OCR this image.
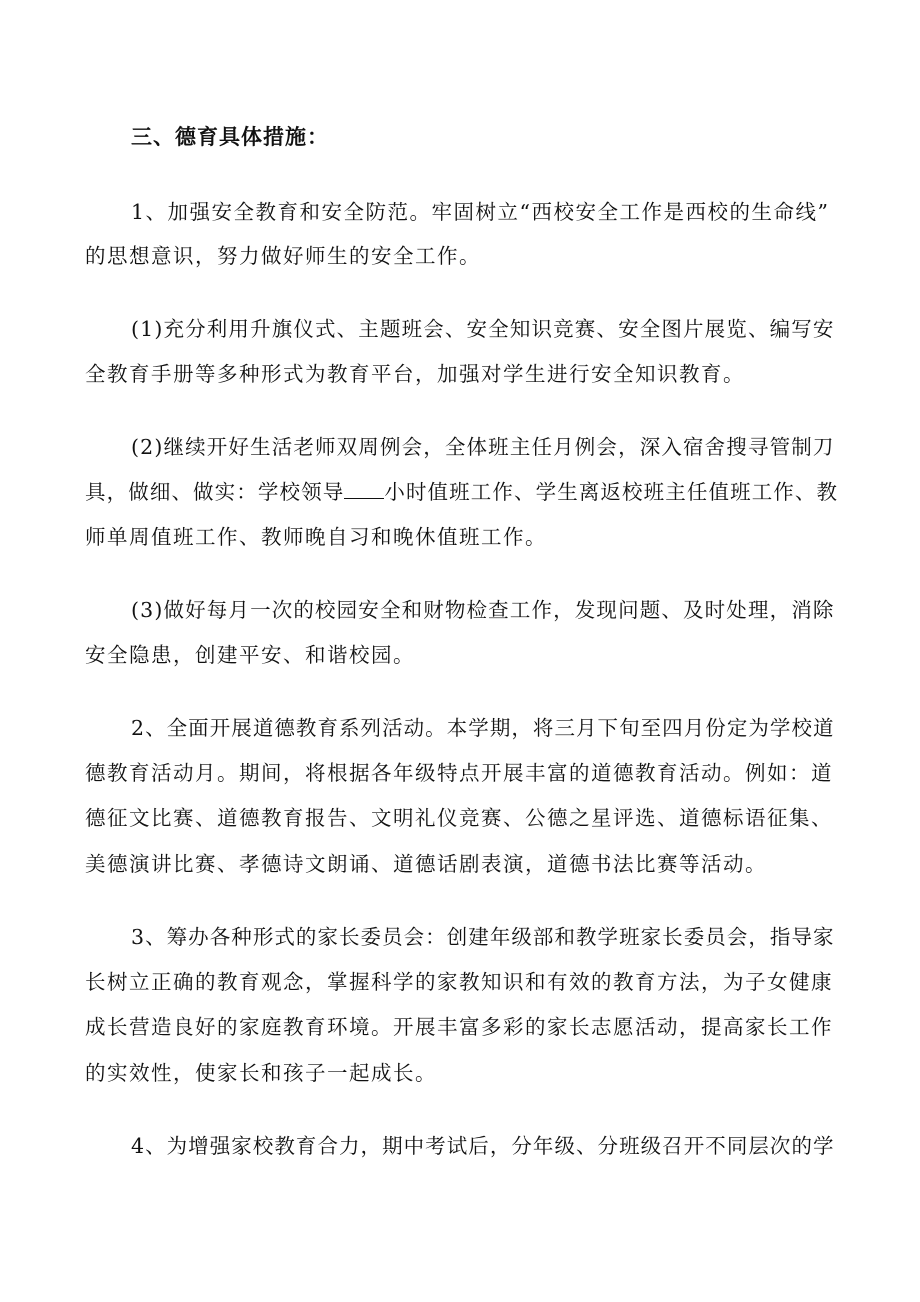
三、德育具体措施：
1、加强安全教育和安全防范。牢固树立“西校安全工作是西校的生命线”
的思想意识，努力做好师生的安全工作。
(1)充分利用升旗仪式、主题班会、安全知识竞赛、安全图片展览、编写安
全教育手册等多种形式为教育平台，加强对学生进行安全知识教育。
(2)继续开好生活老师双周例会，全体班主任月例会，深入宿舍搜寻管制刀
具，做细、做实：学校领导 小时值班工作、学生离返校班主任值班工作、教
师单周值班工作、教师晚自习和晚休值班工作。
(3)做好每月一次的校园安全和财物检查工作，发现问题、及时处理，消除
安全隐患，创建平安、和谐校园。
2、全面开展道德教育系列活动。本学期，将三月下旬至四月份定为学校道
德教育活动月。期间，将根据各年级特点开展丰富的道德教育活动。例如：道
德征文比赛、道德教育报告、文明礼仪竞赛、公德之星评选、道德标语征集、
美德演讲比赛、孝德诗文朗诵、道德话剧表演，道德书法比赛等活动。
3、筹办各种形式的家长委员会：创建年级部和教学班家长委员会，指导家
长树立正确的教育观念，掌握科学的家教知识和有效的教育方法，为子女健康
成长营造良好的家庭教育环境。开展丰富多彩的家长志愿活动，提高家长工作
的实效性，使家长和孩子一起成长。
4、为增强家校教育合力，期中考试后，分年级、分班级召开不同层次的学
